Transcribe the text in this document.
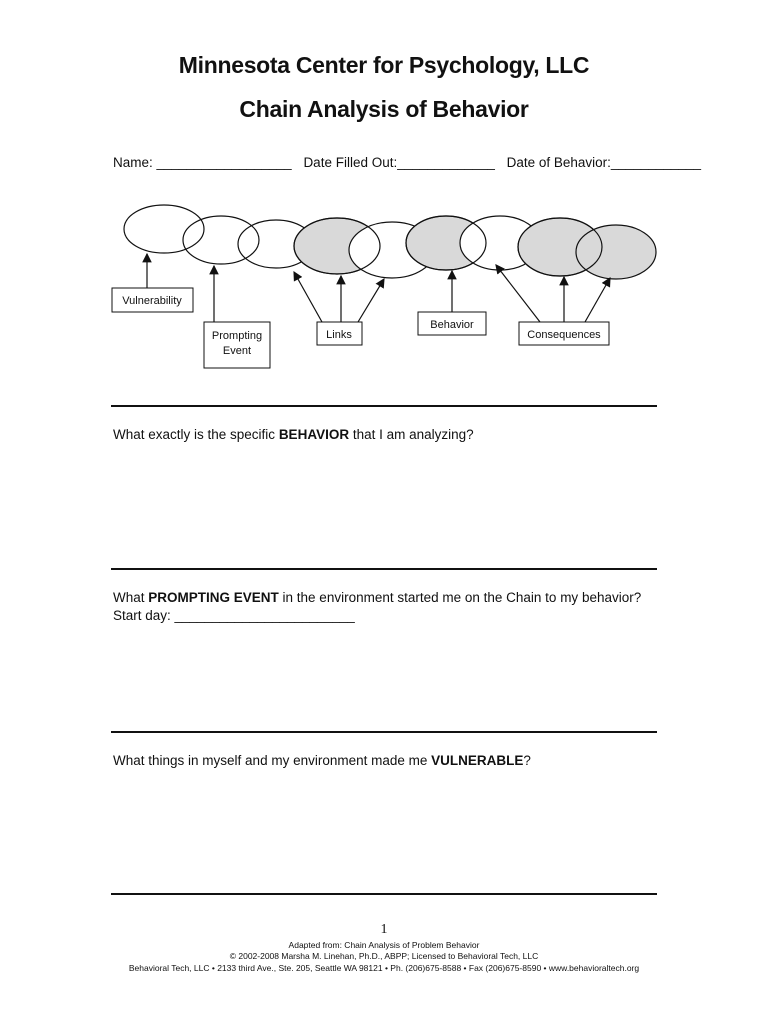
Minnesota Center for Psychology, LLC
Chain Analysis of Behavior
Name: __________________ Date Filled Out:_____________ Date of Behavior:____________
Vulnerability
Prompting
Event
Links
Behavior
Consequences
What exactly is the specific BEHAVIOR that I am analyzing?
What PROMPTING EVENT in the environment started me on the Chain to my behavior?
Start day: ________________________
What things in myself and my environment made me VULNERABLE?
1
Adapted from: Chain Analysis of Problem Behavior
© 2002-2008 Marsha M. Linehan, Ph.D., ABPP; Licensed to Behavioral Tech, LLC
Behavioral Tech, LLC • 2133 third Ave., Ste. 205, Seattle WA 98121 • Ph. (206)675-8588 • Fax (206)675-8590 • www.behavioraltech.org
